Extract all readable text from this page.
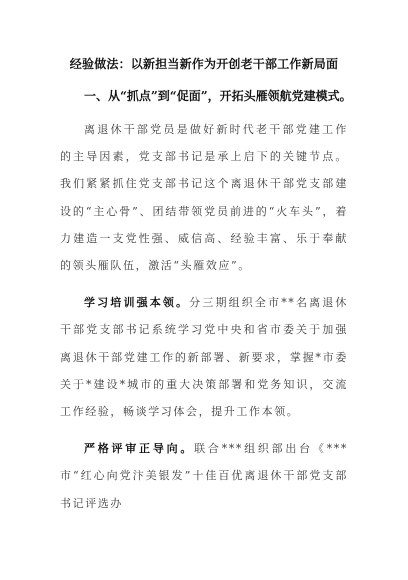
经验做法：以新担当新作为开创老干部工作新局面
一、从“抓点”到“促面”，开拓头雁领航党建模式。

离退休干部党员是做好新时代老干部党建工作的主导因素，党支部书记是承上启下的关键节点。我们紧紧抓住党支部书记这个离退休干部党支部建设的“主心骨”、团结带领党员前进的“火车头”，着力建造一支党性强、威信高、经验丰富、乐于奉献的领头雁队伍，激活“头雁效应”。

学习培训强本领。分三期组织全市**名离退休干部党支部书记系统学习党中央和省市委关于加强离退休干部党建工作的新部署、新要求，掌握*市委关于*建设*城市的重大决策部署和党务知识，交流工作经验，畅谈学习体会，提升工作本领。

严格评审正导向。联合***组织部出台《***市“红心向党汴美银发”十佳百优离退休干部党支部书记评选办
